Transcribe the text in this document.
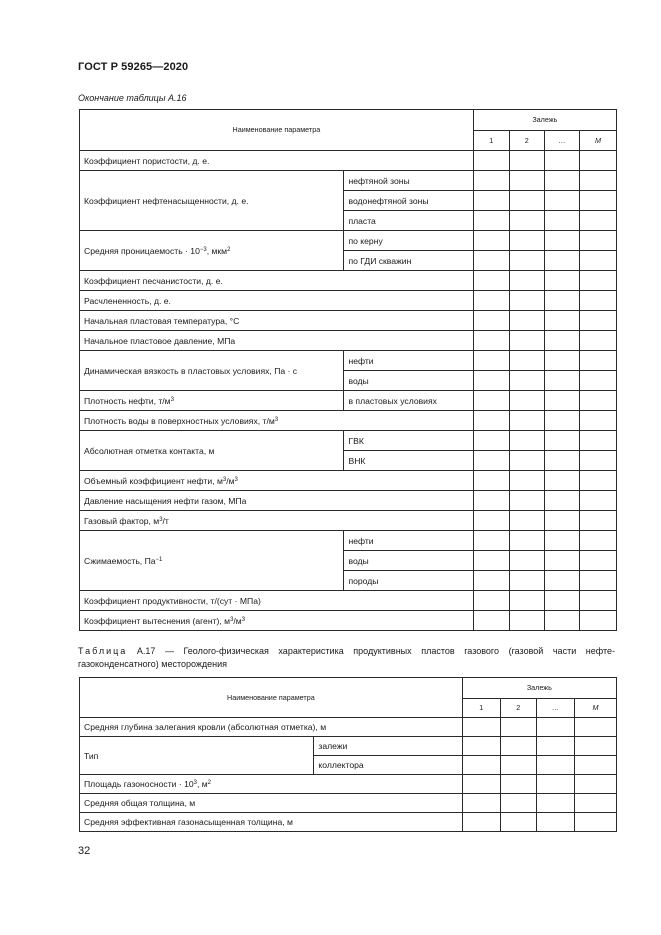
ГОСТ Р 59265—2020
Окончание таблицы А.16
Наименование параметра		Залежь			
		1	2	…	M
Коэффициент пористости, д. е.					
Коэффициент нефтенасыщенности, д. е.	нефтяной зоны				
	водонефтяной зоны				
	пласта				
Средняя проницаемость · $10^{-3}$, мкм$^2$	по керну				
	по ГДИ скважин				
Коэффициент песчанистости, д. е.					
Расчлененность, д. е.					
Начальная пластовая температура, °С					
Начальное пластовое давление, МПа					
Динамическая вязкость в пластовых условиях, Па · с	нефти				
	воды				
Плотность нефти, $т/м^3$	в пластовых условиях				
Плотность воды в поверхностных условиях, $т/м^3$				
Абсолютная отметка контакта, м	ГВК				
	ВНК				
Объемный коэффициент нефти, $м^3/м^3$				
Давление насыщения нефти газом, МПа					
Газовый фактор, $м^3/т$					
Сжимаемость, $Па^{-1}$	нефти				
	воды				
	породы				
Коэффициент продуктивности, т/(сут · МПа)					
Коэффициент вытеснения (агент), $м^3/м^3$				
Таблица А.17 — Геолого-физическая характеристика продуктивных пластов газового (газовой части нефте-газоконденсатного) месторождения
Наименование параметра		Залежь			
		1	2	…	M
Средняя глубина залегания кровли (абсолютная отметка), м					
Тип	залежи				
	коллектора				
Площадь газоносности · $10^3$, $м^2$				
Средняя общая толщина, м					
Средняя эффективная газонасыщенная толщина, м					
32
